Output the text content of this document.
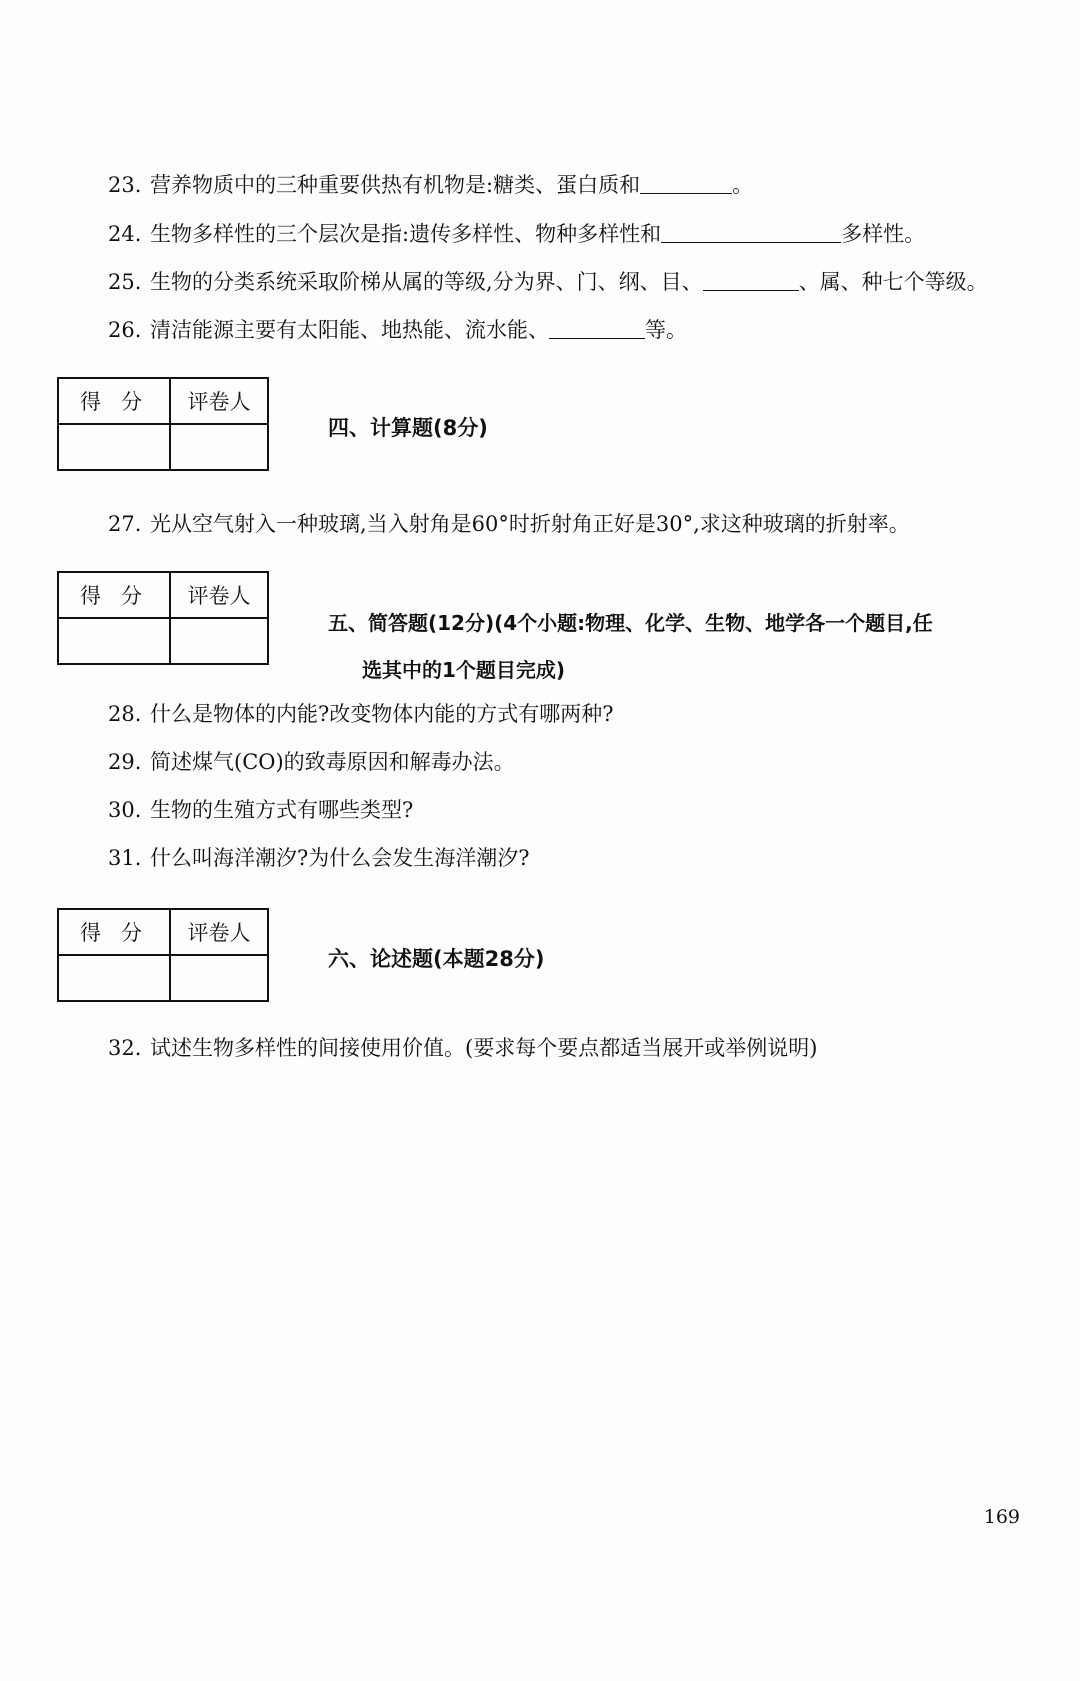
23. 营养物质中的三种重要供热有机物是:糖类、蛋白质和	。
24. 生物多样性的三个层次是指:遗传多样性、物种多样性和	多样性。
25. 生物的分类系统采取阶梯从属的等级,分为界、门、纲、目、	、属、种七个等级。
26. 清洁能源主要有太阳能、地热能、流水能、	等。
得分	评卷人

四、计算题(8分)
27. 光从空气射入一种玻璃,当入射角是60°时折射角正好是30°,求这种玻璃的折射率。
得分	评卷人

五、简答题(12分)(4个小题:物理、化学、生物、地学各一个题目,任
选其中的1个题目完成)
28. 什么是物体的内能?改变物体内能的方式有哪两种?
29. 简述煤气(CO)的致毒原因和解毒办法。
30. 生物的生殖方式有哪些类型?
31. 什么叫海洋潮汐?为什么会发生海洋潮汐?
得分	评卷人

六、论述题(本题28分)
32. 试述生物多样性的间接使用价值。(要求每个要点都适当展开或举例说明)
169
